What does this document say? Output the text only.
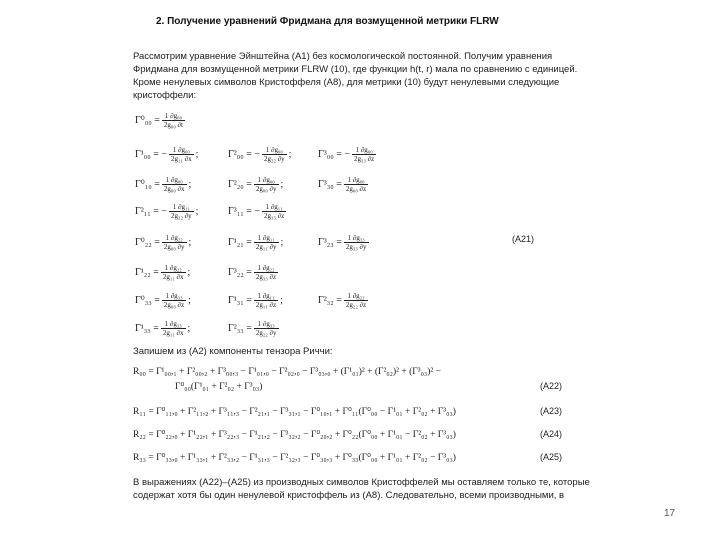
2. Получение уравнений Фридмана для возмущенной метрики FLRW
Рассмотрим уравнение Эйнштейна (A1) без космологической постоянной. Получим уравнения
Фридмана для возмущенной метрики FLRW (10), где функции h(t, r) мала по сравнению с единицей.
Кроме ненулевых символов Кристоффеля (A8), для метрики (10) будут ненулевыми следующие
кристоффели:
$\Gamma^0_{00} = \frac{\text{1 ∂g₀₀}}{\text{2g₀₀ ∂t}}$
Γ¹₀₀ = − $\frac{\text{1 ∂g₀₀}}{\text{2g₁₁ ∂x}}$ ;	Γ²₀₀ = − $\frac{\text{1 ∂g₀₀}}{\text{2g₂₂ ∂y}}$ ;	Γ³₀₀ = − $\frac{\text{1 ∂g₀₀}}{\text{2g₃₃ ∂z}}$
$\Gamma^0_{10} = \frac{\text{1 ∂g₀₀}}{\text{2g₀₀ ∂x}}$ ;	$\Gamma^2_{20} = \frac{\text{1 ∂g₀₀}}{\text{2g₀₀ ∂y}}$ ;	$\Gamma^3_{30} = \frac{\text{1 ∂g₀₀}}{\text{2g₀₀ ∂z}}$
Γ²₁₁ = − $\frac{\text{1 ∂g₁₁}}{\text{2g₂₂ ∂y}}$ ;	Γ³₁₁ = − $\frac{\text{1 ∂g₁₁}}{\text{2g₃₃ ∂z}}$
$\Gamma^0_{22} = \frac{\text{1 ∂g₂₂}}{\text{2g₀₀ ∂y}}$ ;	$\Gamma^1_{21} = \frac{\text{1 ∂g₁₁}}{\text{2g₁₁ ∂y}}$ ;	$\Gamma^3_{23} = \frac{\text{1 ∂g₃₃}}{\text{2g₃₃ ∂y}}$
$\Gamma^1_{22} = \frac{\text{1 ∂g₂₂}}{\text{2g₁₁ ∂x}}$ ;	$\Gamma^3_{22} = \frac{\text{1 ∂g₂₂}}{\text{2g₃₃ ∂z}}$
$\Gamma^0_{33} = \frac{\text{1 ∂g₃₃}}{\text{2g₀₀ ∂z}}$ ;	$\Gamma^1_{31} = \frac{\text{1 ∂g₁₁}}{\text{2g₁₁ ∂z}}$ ;	$\Gamma^2_{32} = \frac{\text{1 ∂g₂₂}}{\text{2g₂₂ ∂z}}$
$\Gamma^1_{33} = \frac{\text{1 ∂g₃₃}}{\text{2g₁₁ ∂x}}$ ;	$\Gamma^2_{33} = \frac{\text{1 ∂g₃₃}}{\text{2g₂₂ ∂y}}$
(A21)
Запишем из (A2) компоненты тензора Риччи:
R₀₀ = Γ¹₀₀,₁ + Γ²₀₀,₂ + Γ³₀₀,₃ − Γ¹₀₁,₀ − Γ²₀₂,₀ − Γ³₀₃,₀ + (Γ¹₀₁)² + (Γ²₀₂)² + (Γ³₀₃)² −
Γ⁰₀₀(Γ¹₀₁ + Γ²₀₂ + Γ³₀₃)	(A22)
R₁₁ = Γ⁰₁₁,₀ + Γ²₁₁,₂ + Γ³₁₁,₃ − Γ²₂₁,₁ − Γ³₃₁,₁ − Γ⁰₁₀,₁ + Γ⁰₁₁(Γ⁰₀₀ − Γ¹₀₁ + Γ²₀₂ + Γ³₀₃)	(A23)
R₂₂ = Γ⁰₂₂,₀ + Γ¹₂₂,₁ + Γ³₂₂,₃ − Γ¹₂₁,₂ − Γ³₃₂,₂ − Γ⁰₂₀,₂ + Γ⁰₂₂(Γ⁰₀₀ + Γ¹₀₁ − Γ²₀₂ + Γ³₀₃)	(A24)
R₃₃ = Γ⁰₃₃,₀ + Γ¹₃₃,₁ + Γ²₃₃,₂ − Γ¹₃₁,₃ − Γ²₃₂,₃ − Γ⁰₃₀,₃ + Γ⁰₃₃(Γ⁰₀₀ + Γ¹₀₁ + Γ²₀₂ − Γ³₀₃)	(A25)
В выражениях (A22)–(A25) из производных символов Кристоффелей мы оставляем только те, которые
содержат хотя бы один ненулевой кристоффель из (A8). Следовательно, всеми производными, в
17
